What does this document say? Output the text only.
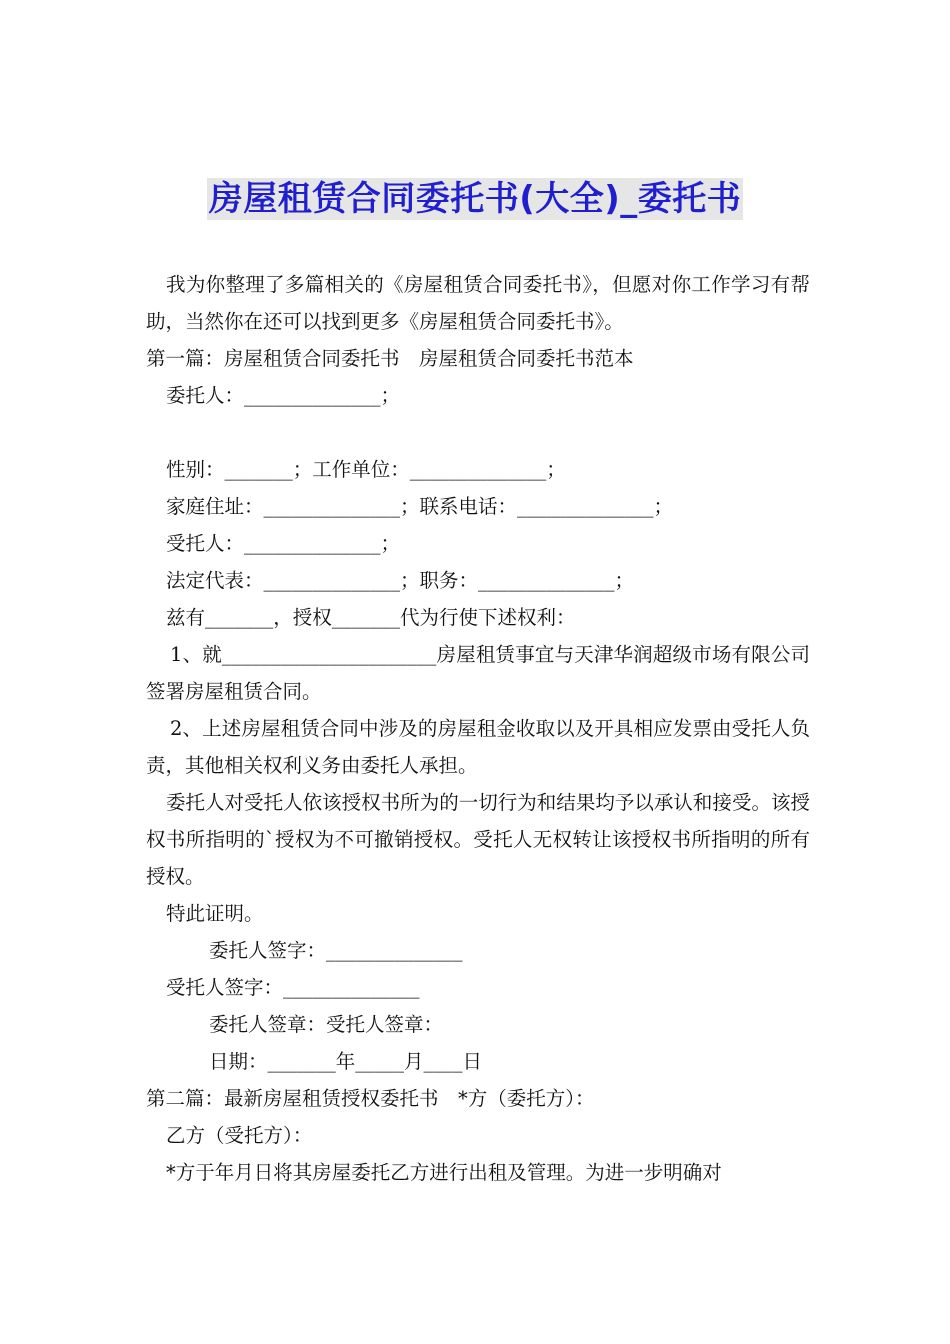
房屋租赁合同委托书(大全)_委托书

我为你整理了多篇相关的《房屋租赁合同委托书》，但愿对你工作学习有帮助，当然你在还可以找到更多《房屋租赁合同委托书》。

第一篇：房屋租赁合同委托书　房屋租赁合同委托书范本

委托人：______________；

性别：_______；工作单位：______________；

家庭住址：______________；联系电话：______________；

受托人：______________；

法定代表：______________；职务：______________；

兹有_______，授权_______代为行使下述权利：

1、就______________________房屋租赁事宜与天津华润超级市场有限公司签署房屋租赁合同。

2、上述房屋租赁合同中涉及的房屋租金收取以及开具相应发票由受托人负责，其他相关权利义务由委托人承担。

委托人对受托人依该授权书所为的一切行为和结果均予以承认和接受。该授权书所指明的`授权为不可撤销授权。受托人无权转让该授权书所指明的所有授权。

特此证明。

委托人签字：______________

受托人签字：______________

委托人签章：受托人签章：

日期：_______年_____月____日

第二篇：最新房屋租赁授权委托书　*方（委托方）：

乙方（受托方）：

*方于年月日将其房屋委托乙方进行出租及管理。为进一步明确对
